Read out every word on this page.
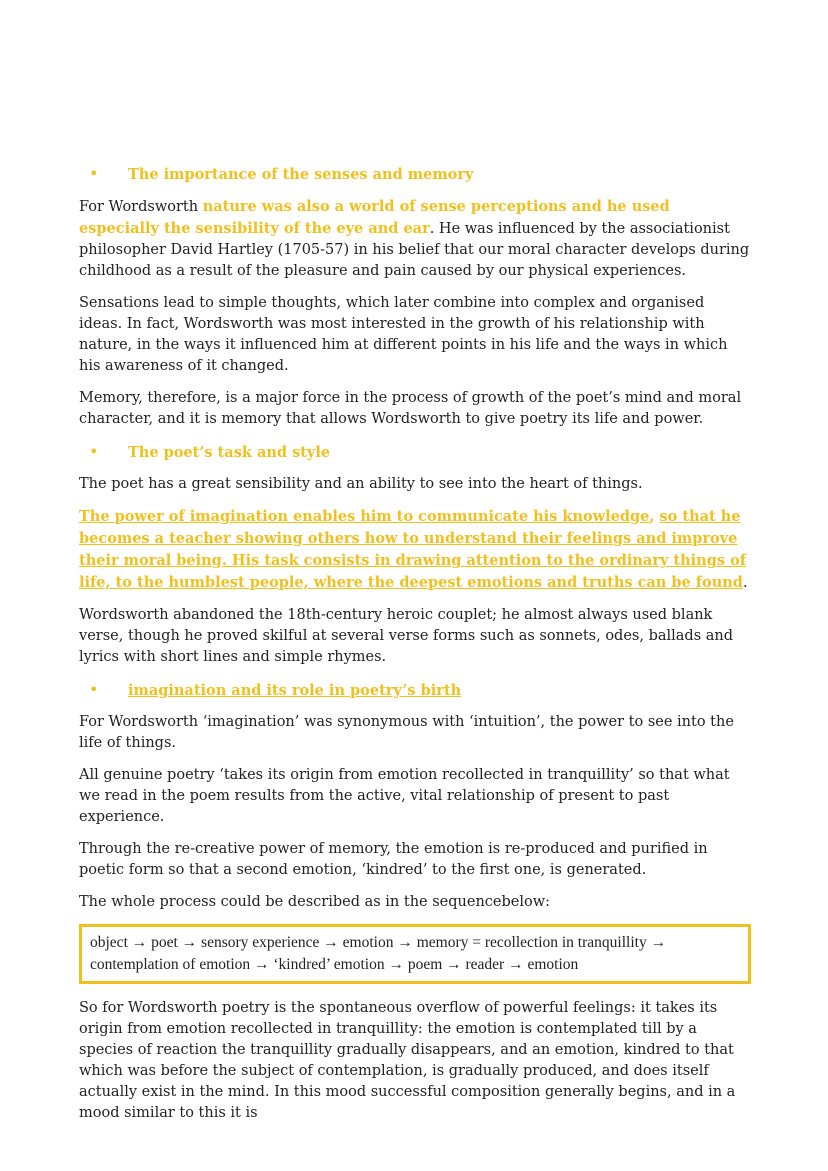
•	The importance of the senses and memory

For Wordsworth nature was also a world of sense perceptions and he used especially the sensibility of the eye and ear. He was influenced by the associationist philosopher David Hartley (1705-57) in his belief that our moral character develops during childhood as a result of the pleasure and pain caused by our physical experiences.

Sensations lead to simple thoughts, which later combine into complex and organised ideas. In fact, Wordsworth was most interested in the growth of his relationship with nature, in the ways it influenced him at different points in his life and the ways in which his awareness of it changed.

Memory, therefore, is a major force in the process of growth of the poet’s mind and moral character, and it is memory that allows Wordsworth to give poetry its life and power.

•	The poet’s task and style

The poet has a great sensibility and an ability to see into the heart of things.

The power of imagination enables him to communicate his knowledge, so that he becomes a teacher showing others how to understand their feelings and improve their moral being. His task consists in drawing attention to the ordinary things of life, to the humblest people, where the deepest emotions and truths can be found.

Wordsworth abandoned the 18th-century heroic couplet; he almost always used blank verse, though he proved skilful at several verse forms such as sonnets, odes, ballads and lyrics with short lines and simple rhymes.

•	imagination and its role in poetry’s birth

For Wordsworth ‘imagination’ was synonymous with ‘intuition’, the power to see into the life of things.

All genuine poetry ‘takes its origin from emotion recollected in tranquillity’ so that what we read in the poem results from the active, vital relationship of present to past experience.

Through the re-creative power of memory, the emotion is re-produced and purified in poetic form so that a second emotion, ‘kindred’ to the first one, is generated.

The whole process could be described as in the sequencebelow:

object → poet → sensory experience → emotion → memory = recollection in tranquillity →
contemplation of emotion → ‘kindred’ emotion → poem → reader → emotion

So for Wordsworth poetry is the spontaneous overflow of powerful feelings: it takes its origin from emotion recollected in tranquillity: the emotion is contemplated till by a species of reaction the tranquillity gradually disappears, and an emotion, kindred to that which was before the subject of contemplation, is gradually produced, and does itself actually exist in the mind. In this mood successful composition generally begins, and in a mood similar to this it is
